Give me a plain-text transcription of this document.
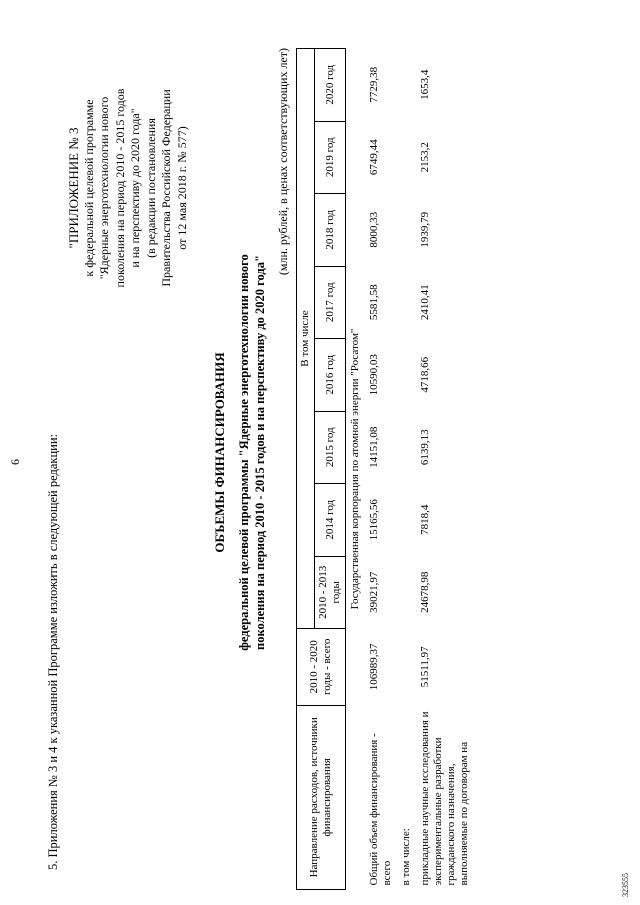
6 5. Приложения № 3 и 4 к указанной Программе изложить в следующей редакции:
"ПРИЛОЖЕНИЕ № 3 к федеральной целевой программе "Ядерные энерготехнологии нового поколения на период 2010 - 2015 годов и на перспективу до 2020 года" (в редакции постановления Правительства Российской Федерации от 12 мая 2018 г. № 577)
ОБЪЕМЫ ФИНАНСИРОВАНИЯ федеральной целевой программы "Ядерные энерготехнологии нового поколения на период 2010 - 2015 годов и на перспективу до 2020 года"
(млн. рублей, в ценах соответствующих лет)
Направление расходов, источники финансирования	2010 - 2020 годы - всего	В том числе							
		2010 - 2013 годы	2014 год	2015 год	2016 год	2017 год	2018 год	2019 год	2020 год
Государственная корпорация по атомной энергии "Росатом"									
Общий объем финансирования - всего	106989,37	39021,97	15165,56	14151,08	10590,03	5581,58	8000,33	6749,44	7729,38
в том числе:									
прикладные научные исследования и экспериментальные разработки гражданского назначения, выполняемые по договорам на	51511,97	24678,98	7818,4	6139,13	4718,66	2410,41	1939,79	2153,2	1653,4
323555
